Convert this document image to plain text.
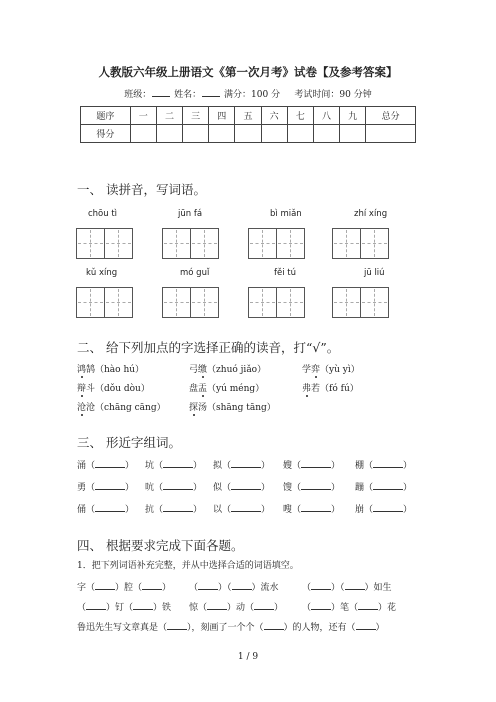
人教版六年级上册语文《第一次月考》试卷【及参考答案】
班级：	姓名：	满分：100 分 考试时间：90 分钟
题序	一	二	三	四	五	六	七	八	九	总分
得分										
一、 读拼音，写词语。
chōu tì	jūn fá	bì miǎn	zhí xíng
kǔ xíng	mó guǐ	fěi tú	jū liú
二、 给下列加点的字选择正确的读音，打“√”。
鸿鹄（hào hú）	弓缴（zhuó jiǎo）	学弈（yù yì）
辩斗（dǒu dòu）	盘盂（yú méng）	弗若（fó fú）
沧沧（chāng cāng）	探汤（shāng tāng）
三、 形近字组词。
涌（	） 坑（	） 拟（	） 嫂（	） 棚（	）
勇（	） 吭（	） 似（	） 馊（	） 蹦（	）
俑（	） 抗（	） 以（	） 嗖（	） 崩（	）
四、 根据要求完成下面各题。
1．把下列词语补充完整，并从中选择合适的词语填空。
字（ ）腔（ ） （ ）（ ）流水	（ ）（ ）如生
（ ）钉（ ）铁 惊（ ）动（ ） （ ）笔（ ）花
鲁迅先生写文章真是（ ），刻画了一个个（ ）的人物，还有（ ）
1 / 9
